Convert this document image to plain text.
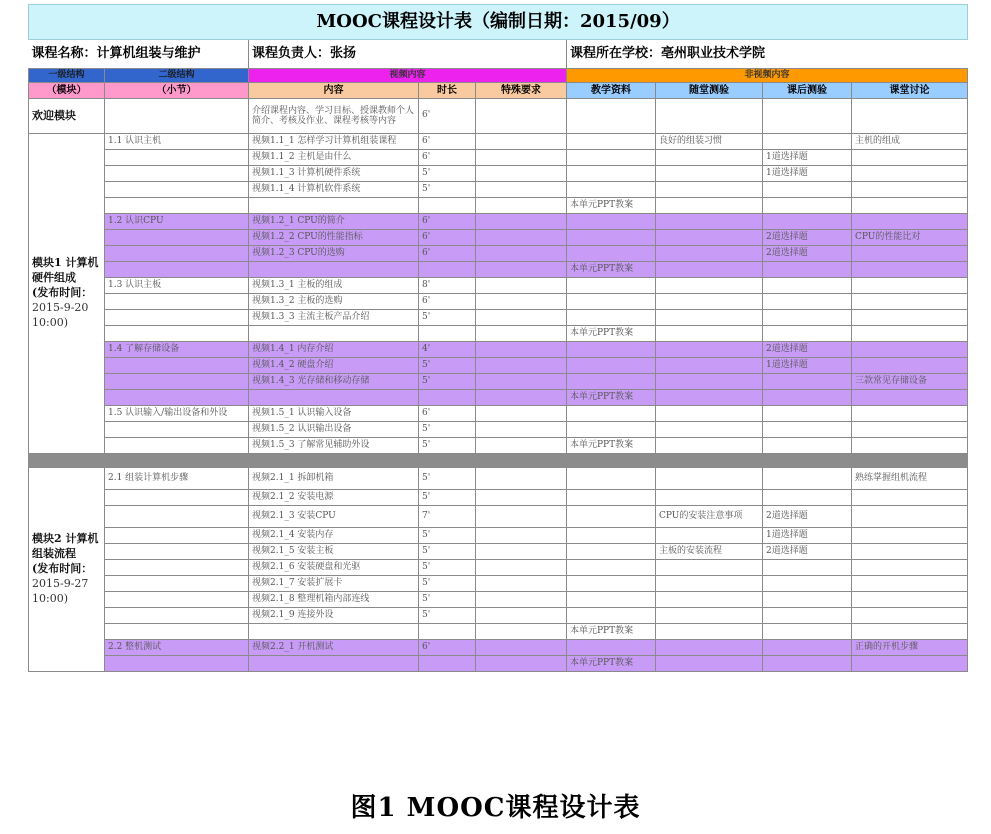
MOOC课程设计表（编制日期：2015/09）								
课程名称：计算机组装与维护		课程负责人：张扬			课程所在学校：亳州职业技术学院			
一级结构	二级结构	视频内容			非视频内容			
（模块）	（小节）	内容	时长	特殊要求	教学资料	随堂测验	课后测验	课堂讨论
欢迎模块		介绍课程内容、学习目标、授课教师个人简介、考核及作业、课程考核等内容	6'					

模块1 计算机硬件组成
(发布时间：
2015-9-20 10:00)	1.1 认识主机	视频1.1_1 怎样学习计算机组装课程	6'			良好的组装习惯		主机的组成
		视频1.1_2 主机是由什么	6'				1道选择题	
		视频1.1_3 计算机硬件系统	5'				1道选择题	
		视频1.1_4 计算机软件系统	5'					
					本单元PPT教案			
	1.2 认识CPU	视频1.2_1 CPU的简介	6'					
		视频1.2_2 CPU的性能指标	6'				2道选择题	CPU的性能比对
		视频1.2_3 CPU的选购	6'				2道选择题	
					本单元PPT教案			
	1.3 认识主板	视频1.3_1 主板的组成	8'					
		视频1.3_2 主板的选购	6'					
		视频1.3_3 主流主板产品介绍	5'					
					本单元PPT教案			
	1.4 了解存储设备	视频1.4_1 内存介绍	4'				2道选择题	
		视频1.4_2 硬盘介绍	5'				1道选择题	
		视频1.4_3 光存储和移动存储	5'					三款常见存储设备
					本单元PPT教案			
	1.5 认识输入/输出设备和外设	视频1.5_1 认识输入设备	6'					
		视频1.5_2 认识输出设备	5'					
		视频1.5_3 了解常见辅助外设	5'		本单元PPT教案			

模块2 计算机组装流程
(发布时间：
2015-9-27 10:00)	2.1 组装计算机步骤	视频2.1_1 拆卸机箱	5'					熟练掌握组机流程
		视频2.1_2 安装电源	5'					
		视频2.1_3 安装CPU	7'			CPU的安装注意事项	2道选择题	
		视频2.1_4 安装内存	5'				1道选择题	
		视频2.1_5 安装主板	5'			主板的安装流程	2道选择题	
		视频2.1_6 安装硬盘和光驱	5'					
		视频2.1_7 安装扩展卡	5'					
		视频2.1_8 整理机箱内部连线	5'					
		视频2.1_9 连接外设	5'					
					本单元PPT教案			
	2.2 整机测试	视频2.2_1 开机测试	6'					正确的开机步骤
					本单元PPT教案			
图1 MOOC课程设计表
